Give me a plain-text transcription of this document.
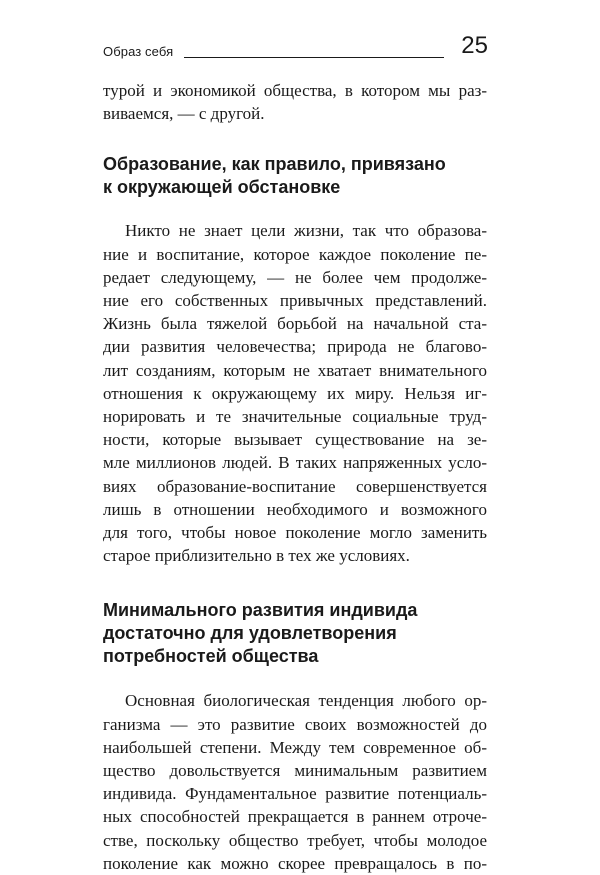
Образ себя	25

турой и экономикой общества, в котором мы раз-
виваемся, — с другой.

Образование, как правило, привязано
к окружающей обстановке

Никто не знает цели жизни, так что образова-
ние и воспитание, которое каждое поколение пе-
редает следующему, — не более чем продолже-
ние его собственных привычных представлений.
Жизнь была тяжелой борьбой на начальной ста-
дии развития человечества; природа не благово-
лит созданиям, которым не хватает внимательного
отношения к окружающему их миру. Нельзя иг-
норировать и те значительные социальные труд-
ности, которые вызывает существование на зе-
мле миллионов людей. В таких напряженных усло-
виях образование-воспитание совершенствуется
лишь в отношении необходимого и возможного
для того, чтобы новое поколение могло заменить
старое приблизительно в тех же условиях.

Минимального развития индивида
достаточно для удовлетворения
потребностей общества

Основная биологическая тенденция любого ор-
ганизма — это развитие своих возможностей до
наибольшей степени. Между тем современное об-
щество довольствуется минимальным развитием
индивида. Фундаментальное развитие потенциаль-
ных способностей прекращается в раннем отроче-
стве, поскольку общество требует, чтобы молодое
поколение как можно скорее превращалось в по-
